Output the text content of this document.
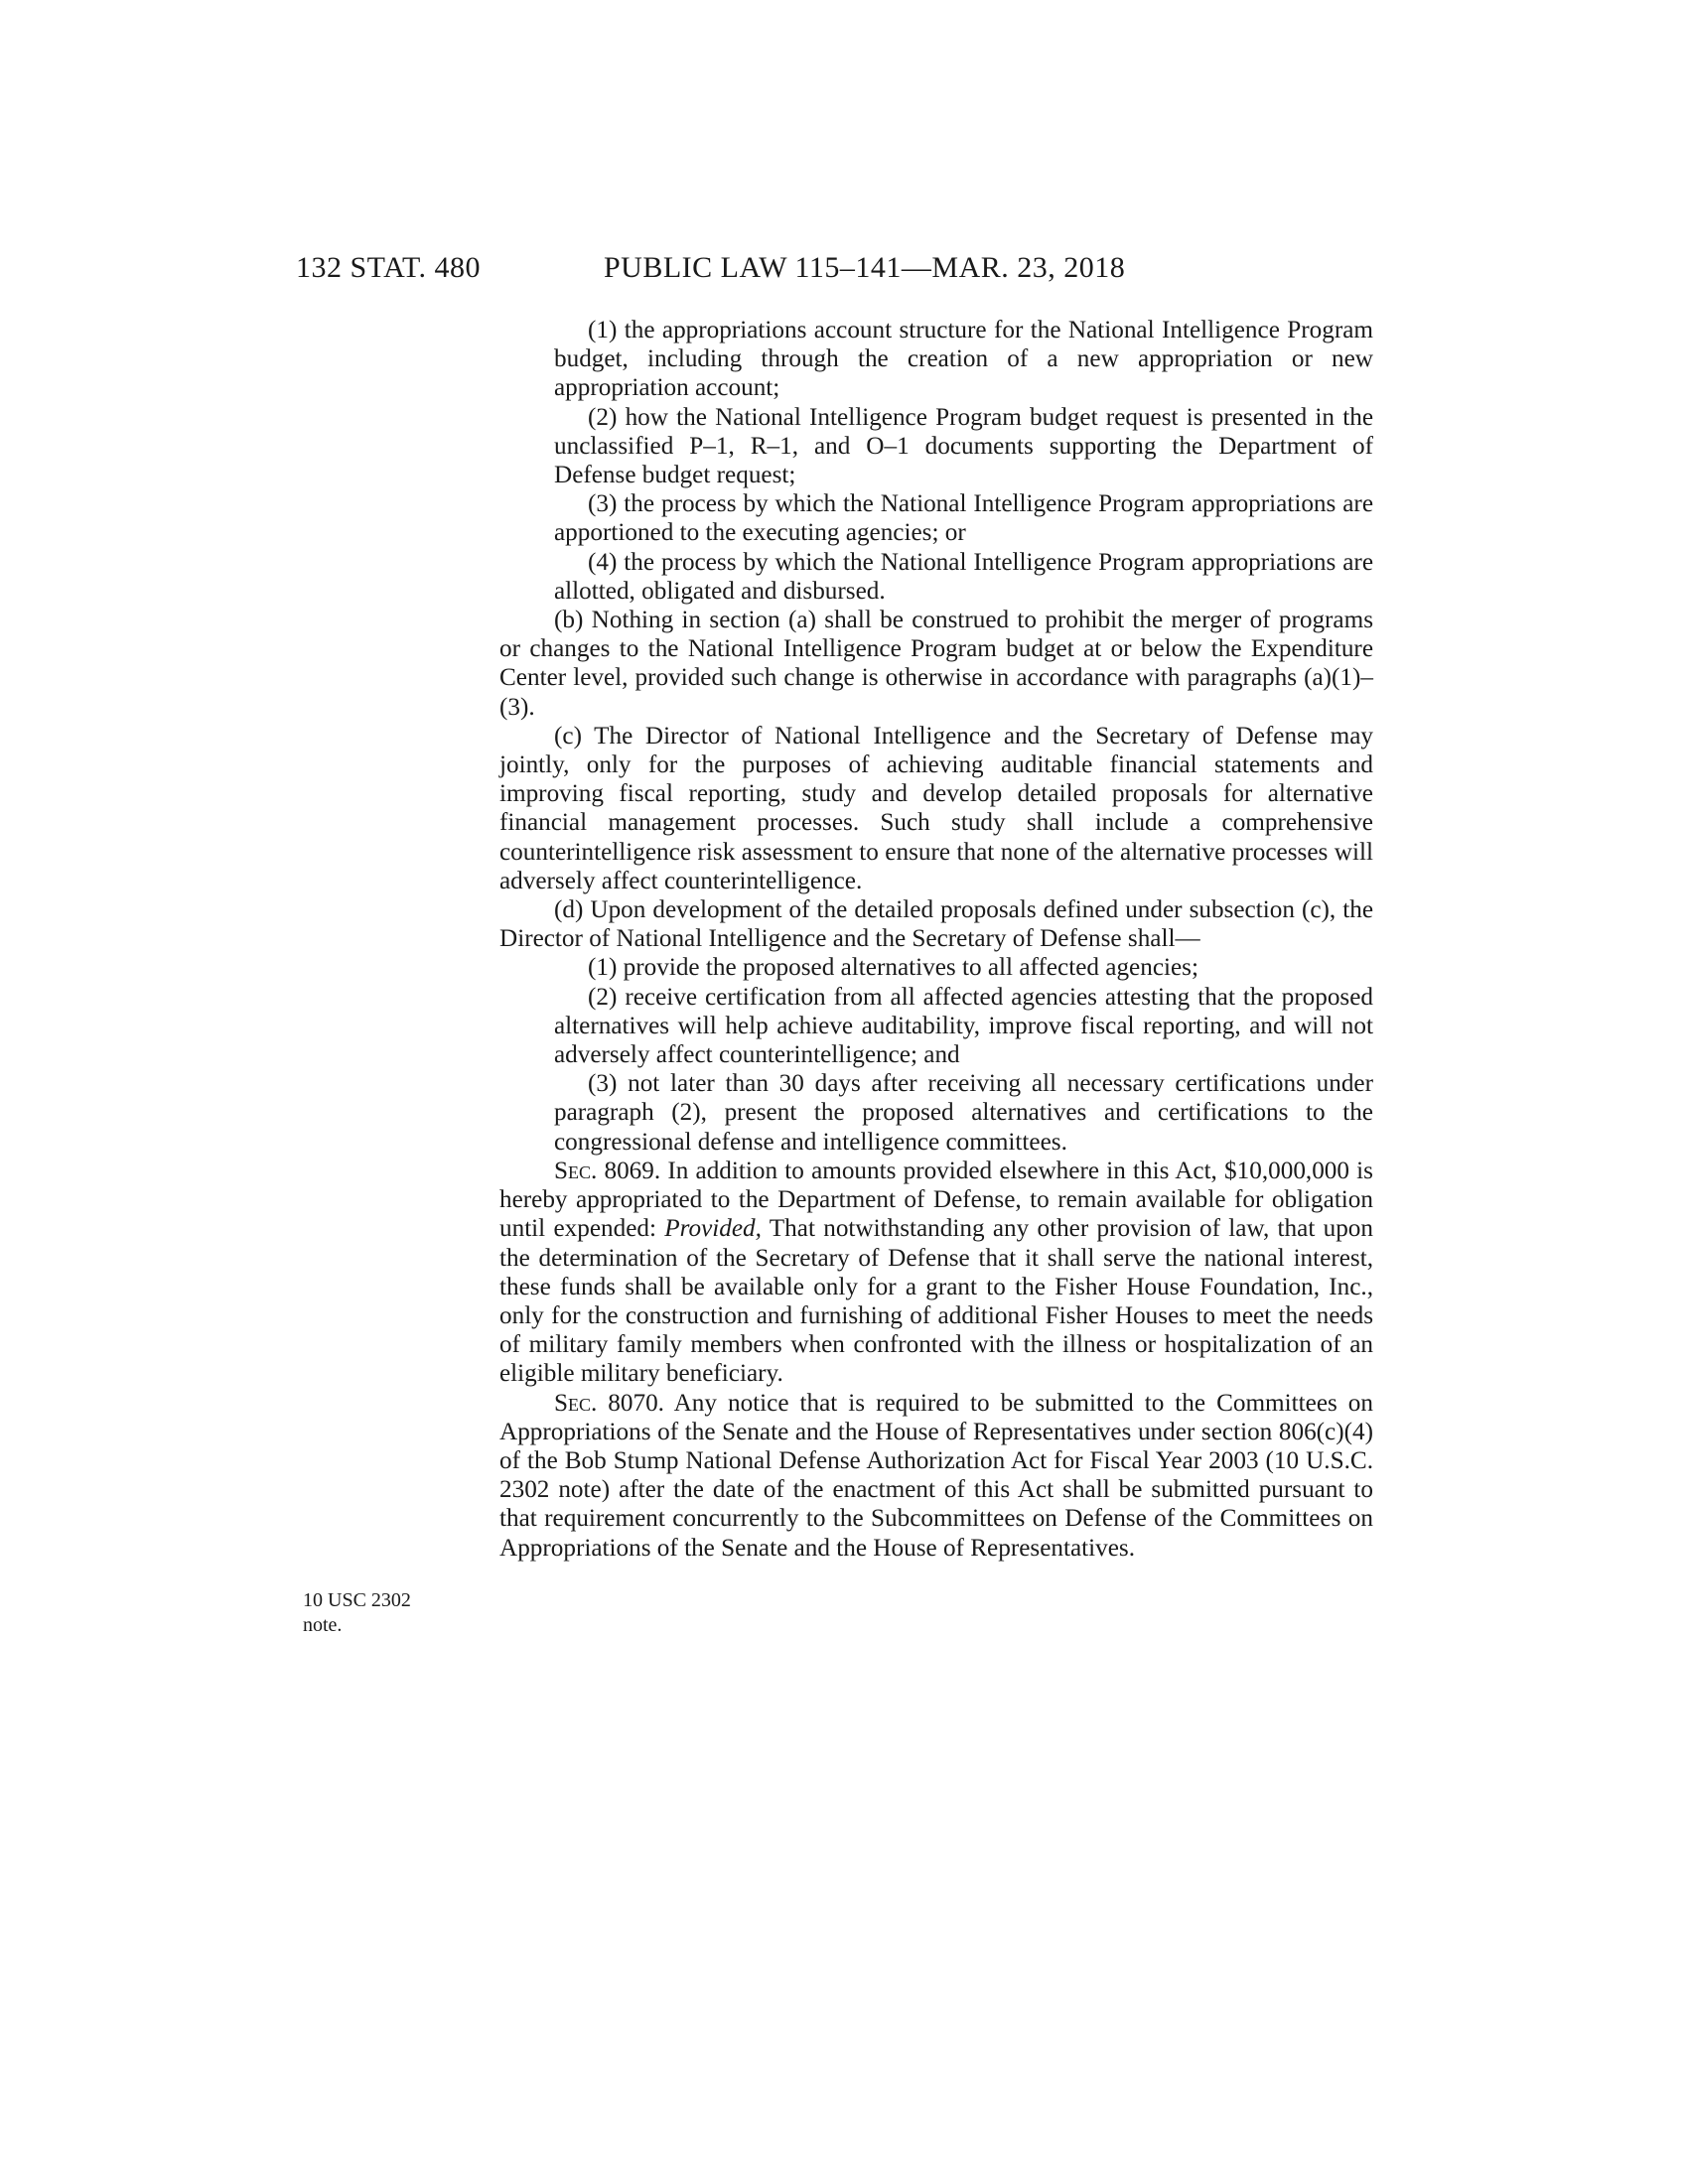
132 STAT. 480	PUBLIC LAW 115–141—MAR. 23, 2018
10 USC 2302
note.

(1) the appropriations account structure for the National Intelligence Program budget, including through the creation of a new appropriation or new appropriation account;

(2) how the National Intelligence Program budget request is presented in the unclassified P–1, R–1, and O–1 documents supporting the Department of Defense budget request;

(3) the process by which the National Intelligence Program appropriations are apportioned to the executing agencies; or

(4) the process by which the National Intelligence Program appropriations are allotted, obligated and disbursed.

(b) Nothing in section (a) shall be construed to prohibit the merger of programs or changes to the National Intelligence Program budget at or below the Expenditure Center level, provided such change is otherwise in accordance with paragraphs (a)(1)–(3).

(c) The Director of National Intelligence and the Secretary of Defense may jointly, only for the purposes of achieving auditable financial statements and improving fiscal reporting, study and develop detailed proposals for alternative financial management processes. Such study shall include a comprehensive counterintelligence risk assessment to ensure that none of the alternative processes will adversely affect counterintelligence.

(d) Upon development of the detailed proposals defined under subsection (c), the Director of National Intelligence and the Secretary of Defense shall—

(1) provide the proposed alternatives to all affected agencies;

(2) receive certification from all affected agencies attesting that the proposed alternatives will help achieve auditability, improve fiscal reporting, and will not adversely affect counterintelligence; and

(3) not later than 30 days after receiving all necessary certifications under paragraph (2), present the proposed alternatives and certifications to the congressional defense and intelligence committees.

Sec. 8069. In addition to amounts provided elsewhere in this Act, $10,000,000 is hereby appropriated to the Department of Defense, to remain available for obligation until expended: Provided, That notwithstanding any other provision of law, that upon the determination of the Secretary of Defense that it shall serve the national interest, these funds shall be available only for a grant to the Fisher House Foundation, Inc., only for the construction and furnishing of additional Fisher Houses to meet the needs of military family members when confronted with the illness or hospitalization of an eligible military beneficiary.

Sec. 8070. Any notice that is required to be submitted to the Committees on Appropriations of the Senate and the House of Representatives under section 806(c)(4) of the Bob Stump National Defense Authorization Act for Fiscal Year 2003 (10 U.S.C. 2302 note) after the date of the enactment of this Act shall be submitted pursuant to that requirement concurrently to the Subcommittees on Defense of the Committees on Appropriations of the Senate and the House of Representatives.
